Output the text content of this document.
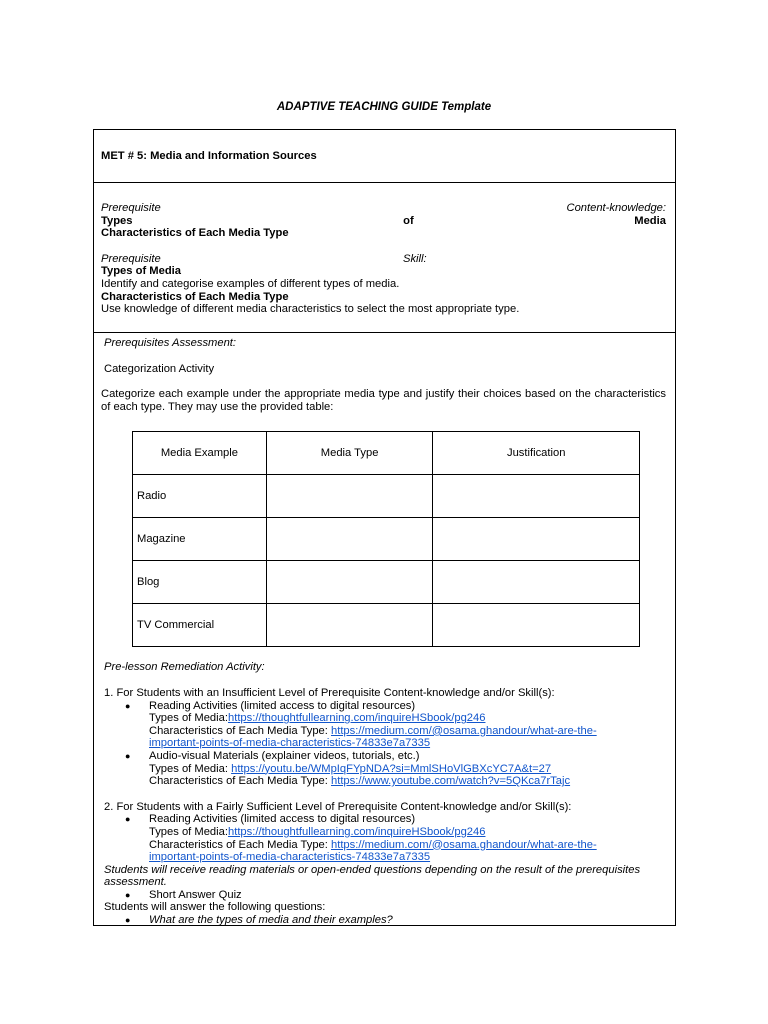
ADAPTIVE TEACHING GUIDE Template
MET # 5: Media and Information Sources
Prerequisite	Content-knowledge:
Types	of	Media
Characteristics of Each Media Type
Prerequisite	Skill:
Types of Media
Identify and categorise examples of different types of media.
Characteristics of Each Media Type
Use knowledge of different media characteristics to select the most appropriate type.
Prerequisites Assessment:
Categorization Activity

Categorize each example under the appropriate media type and justify their choices based on the characteristics of each type. They may use the provided table:

Media Example	Media Type	Justification
Radio		
Magazine		
Blog		
TV Commercial		
Pre-lesson Remediation Activity:
1. For Students with an Insufficient Level of Prerequisite Content-knowledge and/or Skill(s):
●	Reading Activities (limited access to digital resources)
Types of Media:https://thoughtfullearning.com/inquireHSbook/pg246
Characteristics of Each Media Type: https://medium.com/@osama.ghandour/what-are-the-
important-points-of-media-characteristics-74833e7a7335
●	Audio-visual Materials (explainer videos, tutorials, etc.)
Types of Media: https://youtu.be/WMpIqFYpNDA?si=MmlSHoVlGBXcYC7A&t=27
Characteristics of Each Media Type: https://www.youtube.com/watch?v=5QKca7rTajc
2. For Students with a Fairly Sufficient Level of Prerequisite Content-knowledge and/or Skill(s):
●	Reading Activities (limited access to digital resources)
Types of Media:https://thoughtfullearning.com/inquireHSbook/pg246
Characteristics of Each Media Type: https://medium.com/@osama.ghandour/what-are-the-
important-points-of-media-characteristics-74833e7a7335
Students will receive reading materials or open-ended questions depending on the result of the prerequisites
assessment.
●	Short Answer Quiz
Students will answer the following questions:
●	What are the types of media and their examples?
